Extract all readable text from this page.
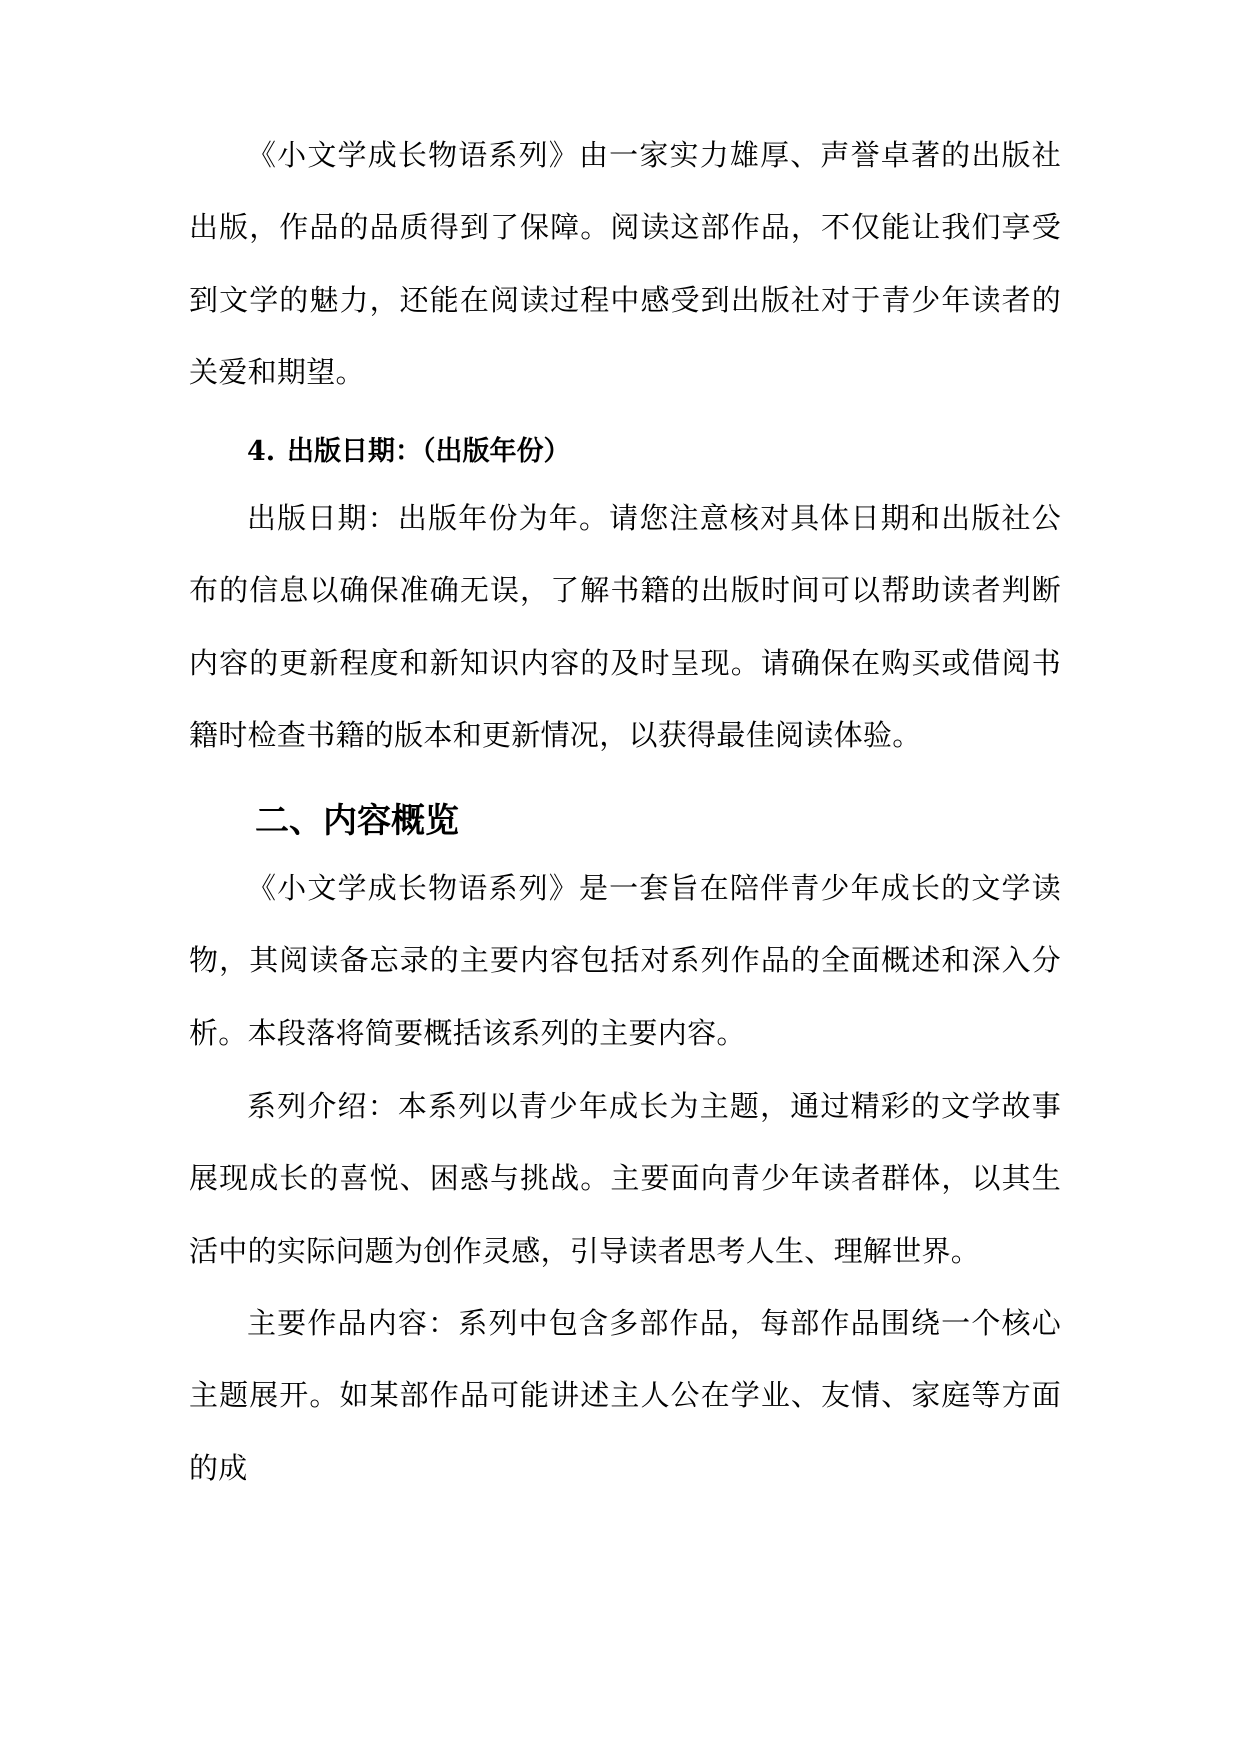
《小文学成长物语系列》由一家实力雄厚、声誉卓著的出版社出版，作品的品质得到了保障。阅读这部作品，不仅能让我们享受到文学的魅力，还能在阅读过程中感受到出版社对于青少年读者的关爱和期望。

4. 出版日期：（出版年份）

出版日期：出版年份为年。请您注意核对具体日期和出版社公布的信息以确保准确无误，了解书籍的出版时间可以帮助读者判断内容的更新程度和新知识内容的及时呈现。请确保在购买或借阅书籍时检查书籍的版本和更新情况，以获得最佳阅读体验。

二、内容概览

《小文学成长物语系列》是一套旨在陪伴青少年成长的文学读物，其阅读备忘录的主要内容包括对系列作品的全面概述和深入分析。本段落将简要概括该系列的主要内容。

系列介绍：本系列以青少年成长为主题，通过精彩的文学故事展现成长的喜悦、困惑与挑战。主要面向青少年读者群体，以其生活中的实际问题为创作灵感，引导读者思考人生、理解世界。

主要作品内容：系列中包含多部作品，每部作品围绕一个核心主题展开。如某部作品可能讲述主人公在学业、友情、家庭等方面的成
